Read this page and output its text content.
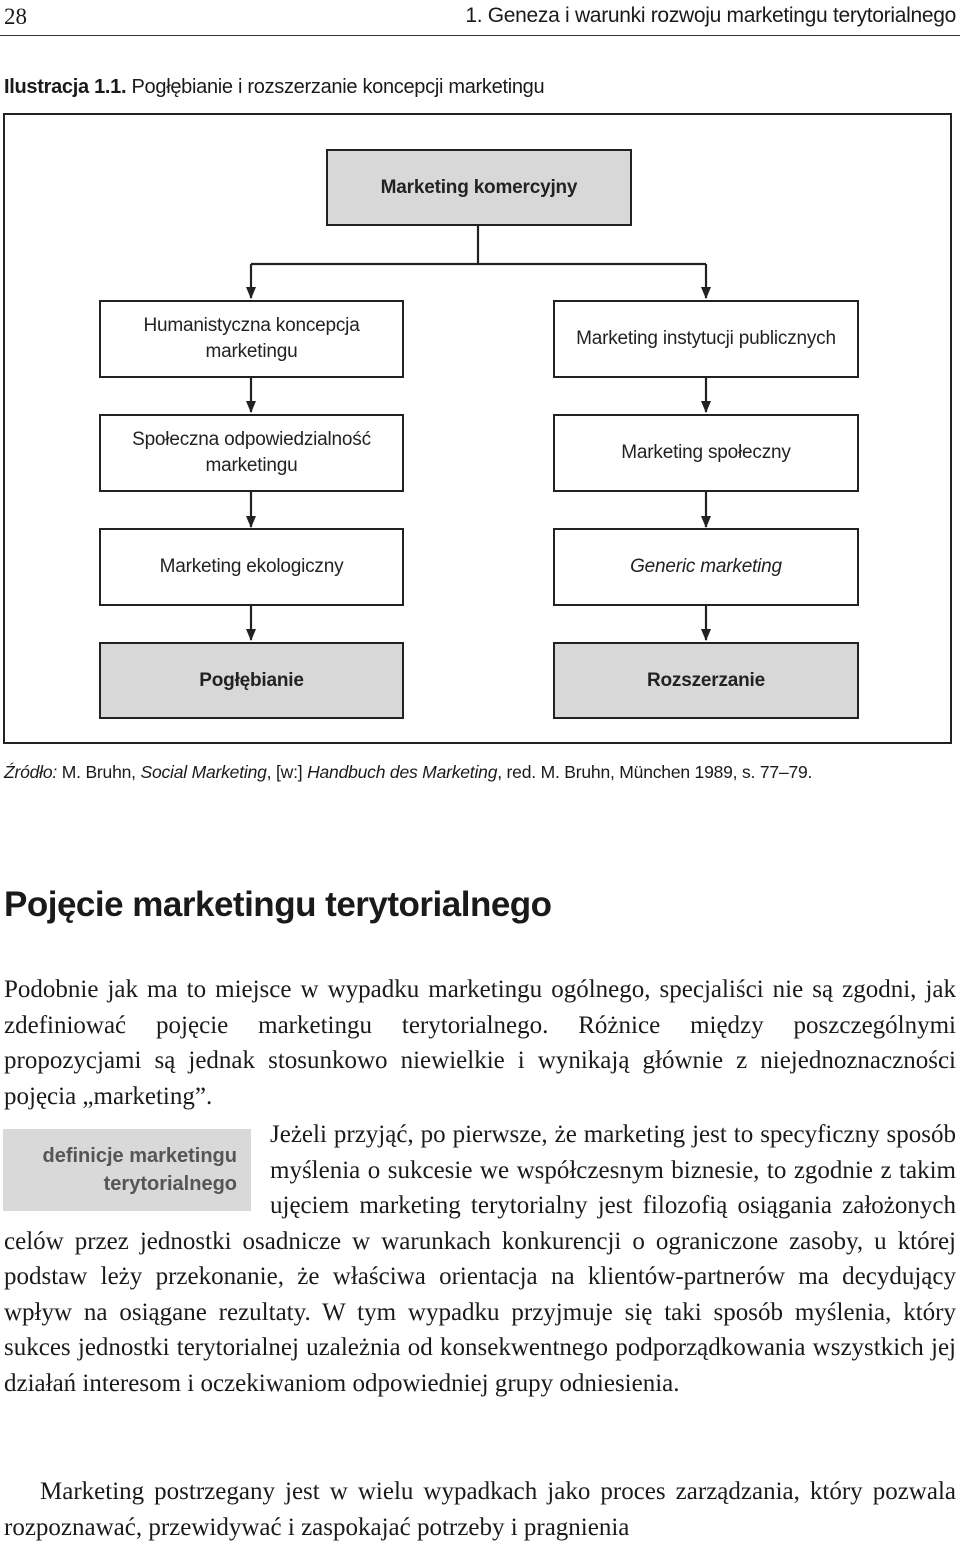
28	1. Geneza i warunki rozwoju marketingu terytorialnego
Ilustracja 1.1. Pogłębianie i rozszerzanie koncepcji marketingu
Marketing komercyjny
Humanistyczna koncepcja marketingu
Społeczna odpowiedzialność marketingu
Marketing ekologiczny
Pogłębianie
Marketing instytucji publicznych
Marketing społeczny
Generic marketing
Rozszerzanie
Źródło: M. Bruhn, Social Marketing, [w:] Handbuch des Marketing, red. M. Bruhn, München 1989, s. 77–79.
Pojęcie marketingu terytorialnego
Podobnie jak ma to miejsce w wypadku marketingu ogólnego, specjaliści nie są zgodni, jak zdefiniować pojęcie marketingu terytorialnego. Różnice między poszczególnymi propozycjami są jednak stosunkowo niewielkie i wynikają głównie z niejednoznaczności pojęcia „marketing”.
definicje marketingu
terytorialnego
Jeżeli przyjąć, po pierwsze, że marketing jest to specyficzny sposób myślenia o sukcesie we współczesnym biznesie, to zgodnie z takim ujęciem marketing terytorialny jest filozofią osiągania założonych celów przez jednostki osadnicze w warunkach konkurencji o ograniczone zasoby, u której podstaw leży przekonanie, że właściwa orientacja na klientów-partnerów ma decydujący wpływ na osiągane rezultaty. W tym wypadku przyjmuje się taki sposób myślenia, który sukces jednostki terytorialnej uzależnia od konsekwentnego podporządkowania wszystkich jej działań interesom i oczekiwaniom odpowiedniej grupy odniesienia.
Marketing postrzegany jest w wielu wypadkach jako proces zarządzania, który pozwala rozpoznawać, przewidywać i zaspokajać potrzeby i pragnienia
